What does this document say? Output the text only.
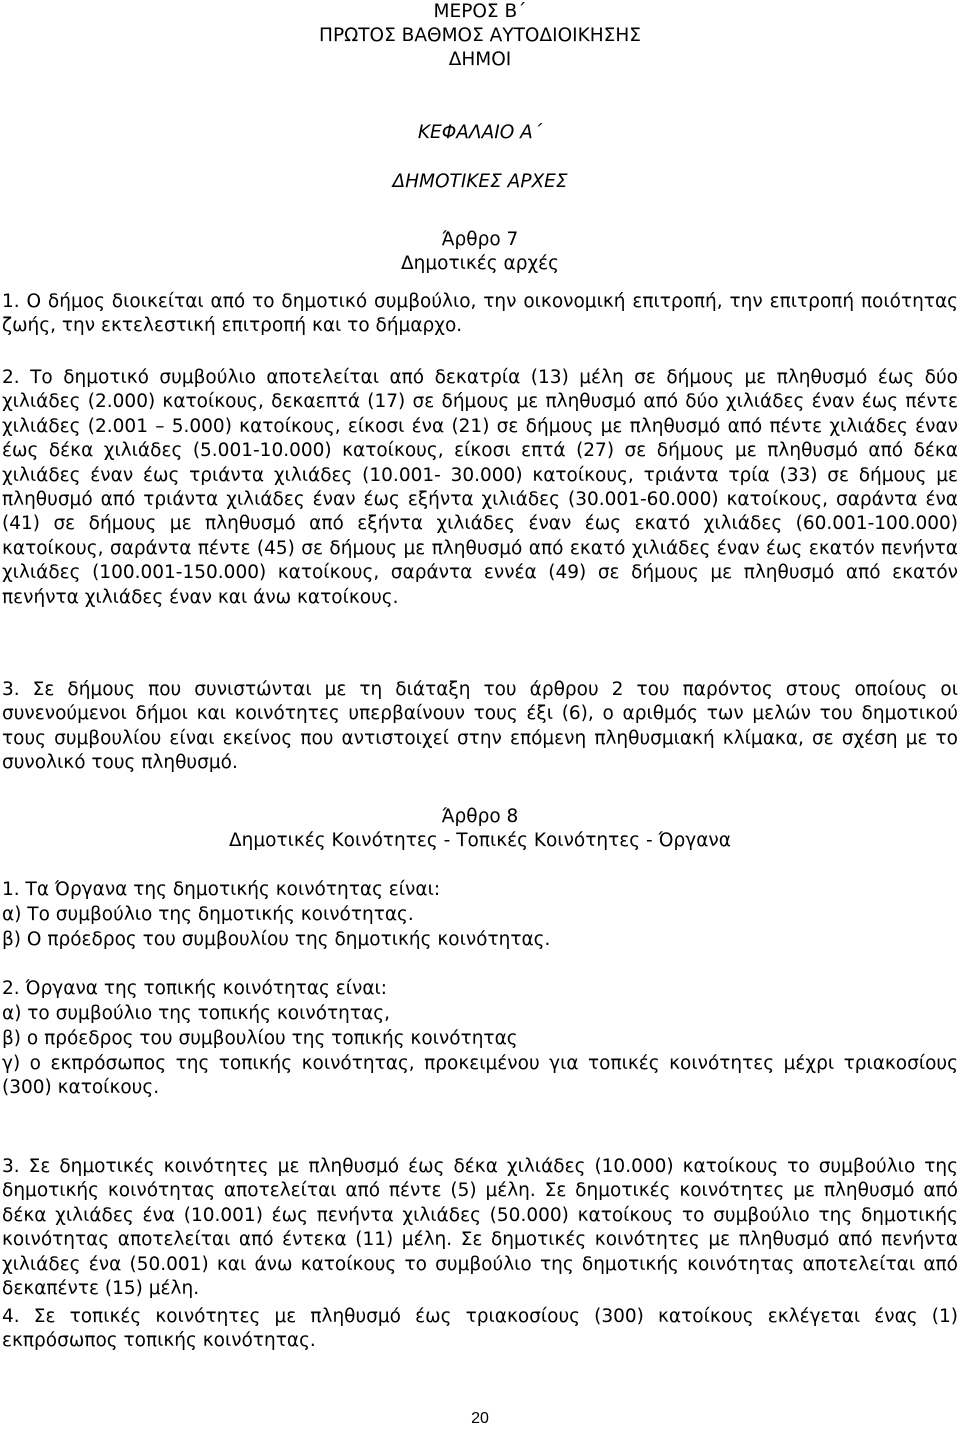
ΜΕΡΟΣ Β΄
ΠΡΩΤΟΣ ΒΑΘΜΟΣ ΑΥΤΟΔΙΟΙΚΗΣΗΣ
ΔΗΜΟΙ
ΚΕΦΑΛΑΙΟ Α΄
ΔΗΜΟΤΙΚΕΣ ΑΡΧΕΣ
Άρθρο 7
Δημοτικές αρχές
1. Ο δήμος διοικείται από το δημοτικό συμβούλιο, την οικονομική επιτροπή, την επιτροπή ποιότητας ζωής, την εκτελεστική επιτροπή και το δήμαρχο.
2. Το δημοτικό συμβούλιο αποτελείται από δεκατρία (13) μέλη σε δήμους με πληθυσμό έως δύο χιλιάδες (2.000) κατοίκους, δεκαεπτά (17) σε δήμους με πληθυσμό από δύο χιλιάδες έναν έως πέντε χιλιάδες (2.001 – 5.000) κατοίκους, είκοσι ένα (21) σε δήμους με πληθυσμό από πέντε χιλιάδες έναν έως δέκα χιλιάδες (5.001-10.000) κατοίκους, είκοσι επτά (27) σε δήμους με πληθυσμό από δέκα χιλιάδες έναν έως τριάντα χιλιάδες (10.001- 30.000) κατοίκους, τριάντα τρία (33) σε δήμους με πληθυσμό από τριάντα χιλιάδες έναν έως εξήντα χιλιάδες (30.001-60.000) κατοίκους, σαράντα ένα (41) σε δήμους με πληθυσμό από εξήντα χιλιάδες έναν έως εκατό χιλιάδες (60.001-100.000) κατοίκους, σαράντα πέντε (45) σε δήμους με πληθυσμό από εκατό χιλιάδες έναν έως εκατόν πενήντα χιλιάδες (100.001-150.000) κατοίκους, σαράντα εννέα (49) σε δήμους με πληθυσμό από εκατόν πενήντα χιλιάδες έναν και άνω κατοίκους.
3. Σε δήμους που συνιστώνται με τη διάταξη του άρθρου 2 του παρόντος στους οποίους οι συνενούμενοι δήμοι και κοινότητες υπερβαίνουν τους έξι (6), ο αριθμός των μελών του δημοτικού τους συμβουλίου είναι εκείνος που αντιστοιχεί στην επόμενη πληθυσμιακή κλίμακα, σε σχέση με το συνολικό τους πληθυσμό.
Άρθρο 8
Δημοτικές Κοινότητες - Τοπικές Κοινότητες - Όργανα
1. Τα Όργανα της δημοτικής κοινότητας είναι:
α) Το συμβούλιο της δημοτικής κοινότητας.
β) Ο πρόεδρος του συμβουλίου της δημοτικής κοινότητας.
2. Όργανα της τοπικής κοινότητας είναι:
α) το συμβούλιο της τοπικής κοινότητας,
β) ο πρόεδρος του συμβουλίου της τοπικής κοινότητας
γ) ο εκπρόσωπος της τοπικής κοινότητας, προκειμένου για τοπικές κοινότητες μέχρι τριακοσίους (300) κατοίκους.
3. Σε δημοτικές κοινότητες με πληθυσμό έως δέκα χιλιάδες (10.000) κατοίκους το συμβούλιο της δημοτικής κοινότητας αποτελείται από πέντε (5) μέλη. Σε δημοτικές κοινότητες με πληθυσμό από δέκα χιλιάδες ένα (10.001) έως πενήντα χιλιάδες (50.000) κατοίκους το συμβούλιο της δημοτικής κοινότητας αποτελείται από έντεκα (11) μέλη. Σε δημοτικές κοινότητες με πληθυσμό από πενήντα χιλιάδες ένα (50.001) και άνω κατοίκους το συμβούλιο της δημοτικής κοινότητας αποτελείται από δεκαπέντε (15) μέλη.
4. Σε τοπικές κοινότητες με πληθυσμό έως τριακοσίους (300) κατοίκους εκλέγεται ένας (1) εκπρόσωπος τοπικής κοινότητας.
20
